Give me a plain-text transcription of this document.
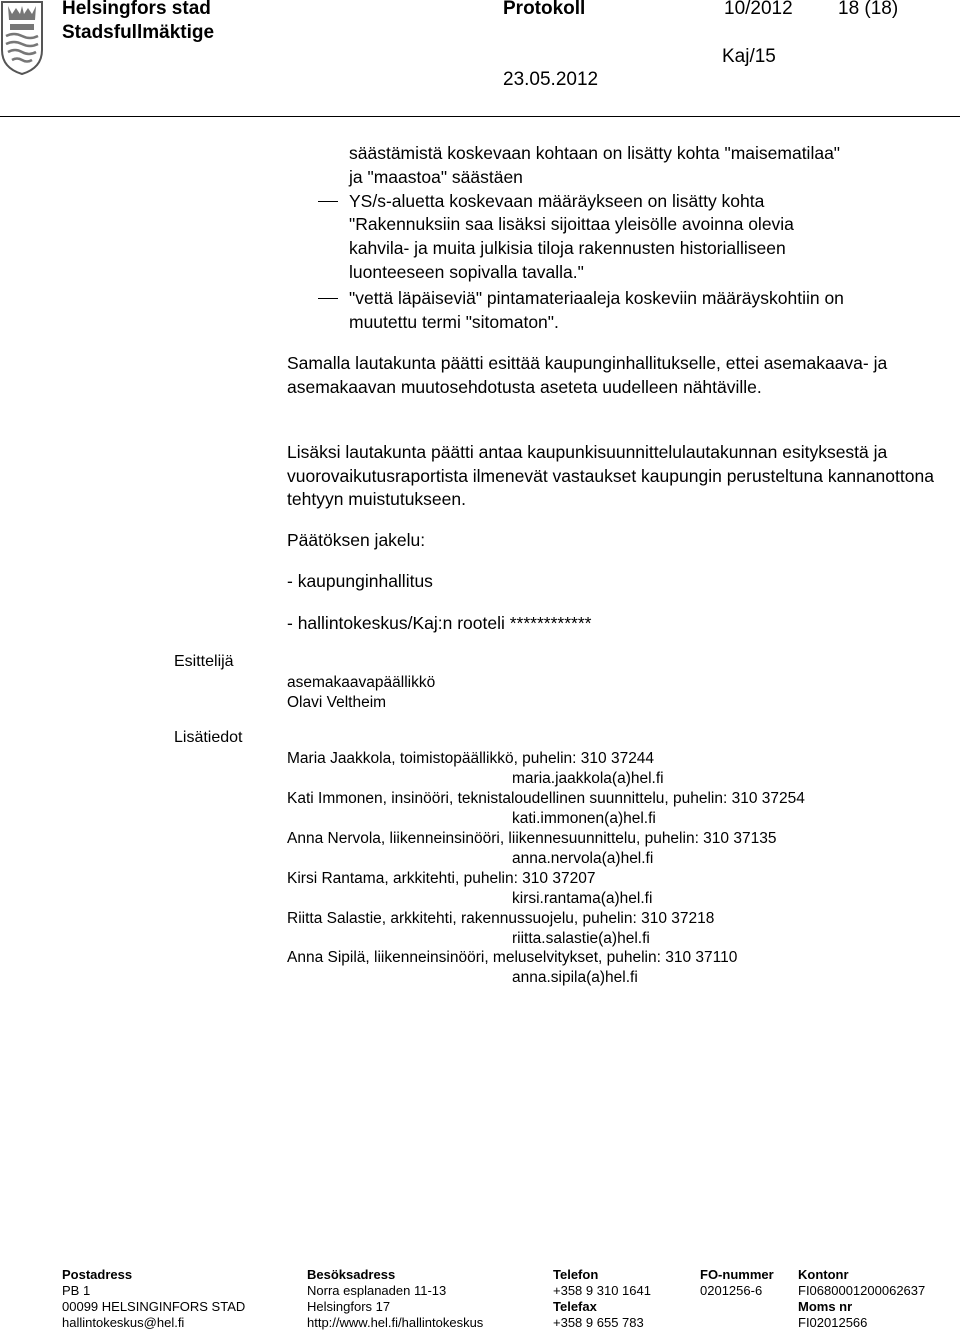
Helsingfors stad
Stadsfullmäktige
Protokoll	10/2012 18 (18)
Kaj/15
23.05.2012
säästämistä koskevaan kohtaan on lisätty kohta "maisematilaa"
ja "maastoa" säästäen
YS/s-aluetta koskevaan määräykseen on lisätty kohta
"Rakennuksiin saa lisäksi sijoittaa yleisölle avoinna olevia
kahvila- ja muita julkisia tiloja rakennusten historialliseen
luonteeseen sopivalla tavalla."
"vettä läpäiseviä" pintamateriaaleja koskeviin määräyskohtiin on
muutettu termi "sitomaton".
Samalla lautakunta päätti esittää kaupunginhallitukselle, ettei asemakaava- ja asemakaavan muutosehdotusta aseteta uudelleen nähtäville.
Lisäksi lautakunta päätti antaa kaupunkisuunnittelulautakunnan esityksestä ja vuorovaikutusraportista ilmenevät vastaukset kaupungin perusteltuna kannanottona tehtyyn muistutukseen.
Päätöksen jakelu:
- kaupunginhallitus
- hallintokeskus/Kaj:n rooteli ************
Esittelijä
asemakaavapäällikkö
Olavi Veltheim
Lisätiedot
Maria Jaakkola, toimistopäällikkö, puhelin: 310 37244
maria.jaakkola(a)hel.fi
Kati Immonen, insinööri, teknistaloudellinen suunnittelu, puhelin: 310 37254
kati.immonen(a)hel.fi
Anna Nervola, liikenneinsinööri, liikennesuunnittelu, puhelin: 310 37135
anna.nervola(a)hel.fi
Kirsi Rantama, arkkitehti, puhelin: 310 37207
kirsi.rantama(a)hel.fi
Riitta Salastie, arkkitehti, rakennussuojelu, puhelin: 310 37218
riitta.salastie(a)hel.fi
Anna Sipilä, liikenneinsinööri, meluselvitykset, puhelin: 310 37110
anna.sipila(a)hel.fi
Postadress
PB 1
00099 HELSINGINFORS STAD
hallintokeskus@hel.fi
Besöksadress
Norra esplanaden 11-13
Helsingfors 17
http://www.hel.fi/hallintokeskus
Telefon
+358 9 310 1641
Telefax
+358 9 655 783
FO-nummer
0201256-6
Kontonr
FI0680001200062637
Moms nr
FI02012566
